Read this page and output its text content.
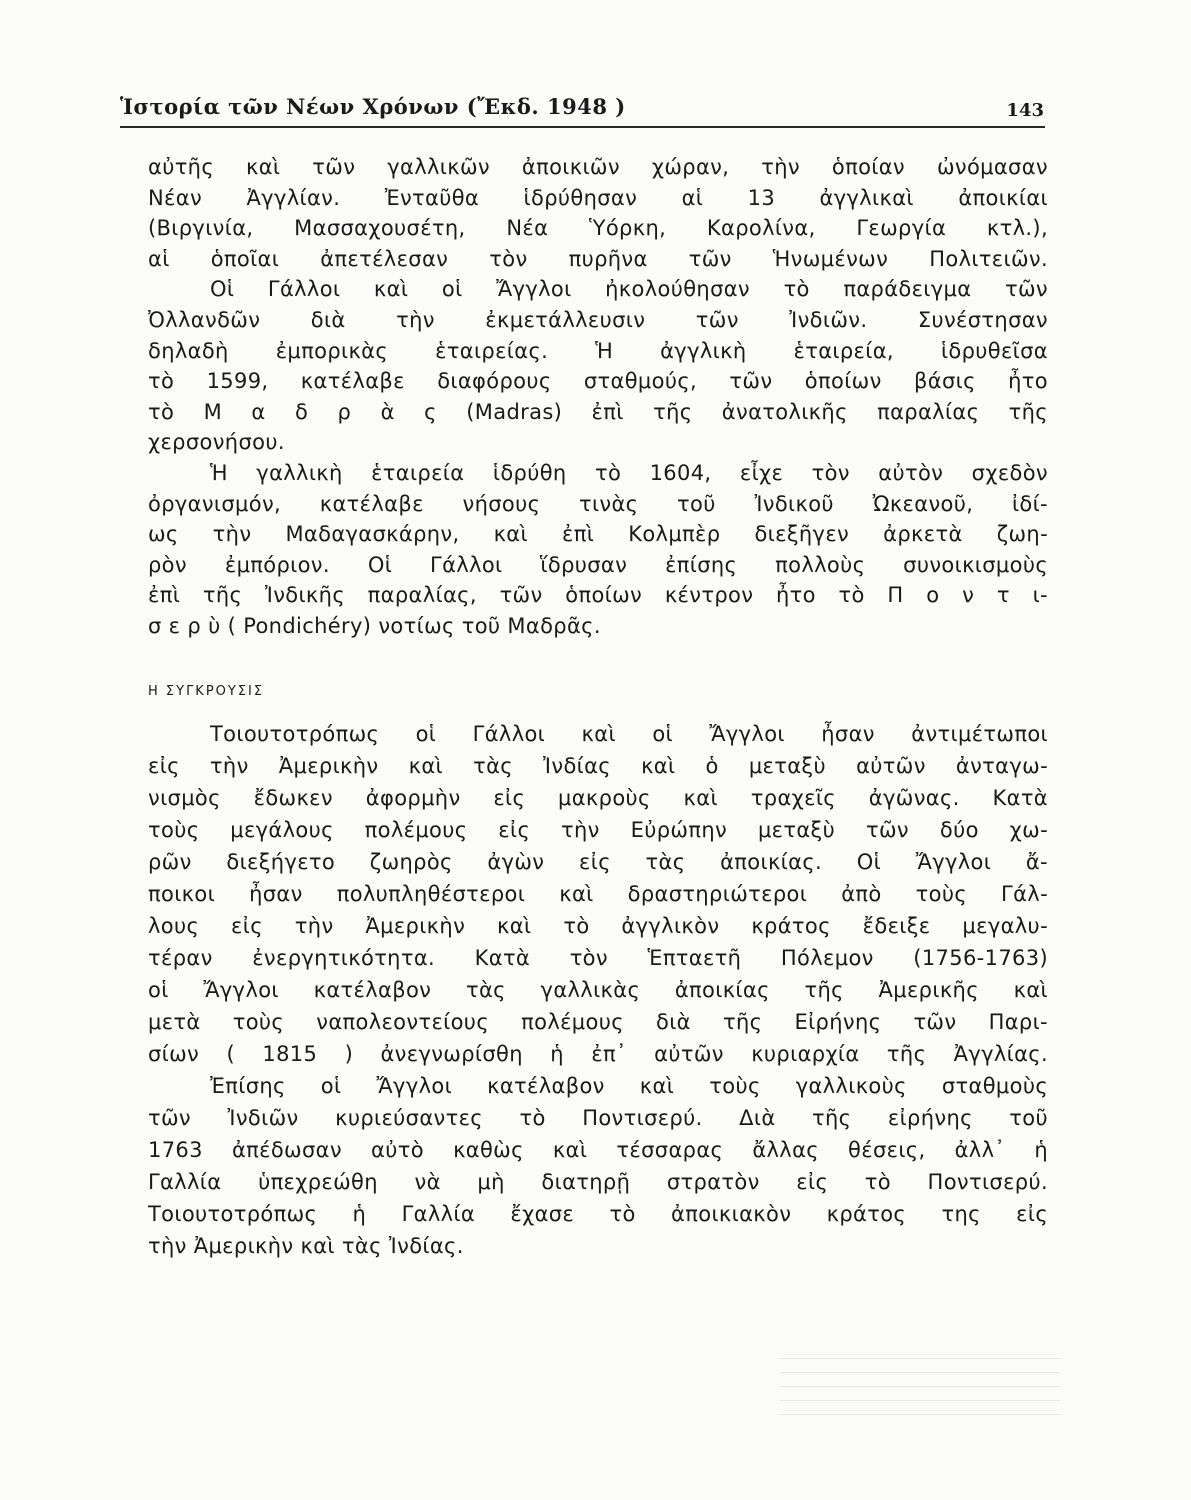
Ἱστορία τῶν Νέων Χρόνων (Ἔκδ. 1948 )	143
αὐτῆς καὶ τῶν γαλλικῶν ἀποικιῶν χώραν, τὴν ὁποίαν ὠνόμασαν
Νέαν Ἀγγλίαν. Ἐνταῦθα ἱδρύθησαν αἱ 13 ἀγγλικαὶ ἀποικίαι
(Βιργινία, Μασσαχουσέτη, Νέα Ὑόρκη, Καρολίνα, Γεωργία κτλ.),
αἱ ὁποῖαι ἀπετέλεσαν τὸν πυρῆνα τῶν Ἡνωμένων Πολιτειῶν.
Οἱ Γάλλοι καὶ οἱ Ἄγγλοι ἠκολούθησαν τὸ παράδειγμα τῶν
Ὀλλανδῶν διὰ τὴν ἐκμετάλλευσιν τῶν Ἰνδιῶν. Συνέστησαν
δηλαδὴ ἐμπορικὰς ἑταιρείας. Ἡ ἀγγλικὴ ἑταιρεία, ἱδρυθεῖσα
τὸ 1599, κατέλαβε διαφόρους σταθμούς, τῶν ὁποίων βάσις ἦτο
τὸ Μ α δ ρ ὰ ς (Madras) ἐπὶ τῆς ἀνατολικῆς παραλίας τῆς
χερσονήσου.
Ἡ γαλλικὴ ἑταιρεία ἱδρύθη τὸ 1604, εἶχε τὸν αὐτὸν σχεδὸν
ὀργανισμόν, κατέλαβε νήσους τινὰς τοῦ Ἰνδικοῦ Ὠκεανοῦ, ἰδί-
ως τὴν Μαδαγασκάρην, καὶ ἐπὶ Κολμπὲρ διεξῆγεν ἀρκετὰ ζωη-
ρὸν ἐμπόριον. Οἱ Γάλλοι ἵδρυσαν ἐπίσης πολλοὺς συνοικισμοὺς
ἐπὶ τῆς Ἰνδικῆς παραλίας, τῶν ὁποίων κέντρον ἦτο τὸ Π ο ν τ ι-
σ ε ρ ὺ ( Pondichéry) νοτίως τοῦ Μαδρᾶς.
Η ΣΥΓΚΡΟΥΣΙΣ
Τοιουτοτρόπως οἱ Γάλλοι καὶ οἱ Ἄγγλοι ἦσαν ἀντιμέτωποι
εἰς τὴν Ἀμερικὴν καὶ τὰς Ἰνδίας καὶ ὁ μεταξὺ αὐτῶν ἀνταγω-
νισμὸς ἔδωκεν ἀφορμὴν εἰς μακροὺς καὶ τραχεῖς ἀγῶνας. Κατὰ
τοὺς μεγάλους πολέμους εἰς τὴν Εὐρώπην μεταξὺ τῶν δύο χω-
ρῶν διεξήγετο ζωηρὸς ἀγὼν εἰς τὰς ἀποικίας. Οἱ Ἄγγλοι ἄ-
ποικοι ἦσαν πολυπληθέστεροι καὶ δραστηριώτεροι ἀπὸ τοὺς Γάλ-
λους εἰς τὴν Ἀμερικὴν καὶ τὸ ἀγγλικὸν κράτος ἔδειξε μεγαλυ-
τέραν ἐνεργητικότητα. Κατὰ τὸν Ἑπταετῆ Πόλεμον (1756-1763)
οἱ Ἄγγλοι κατέλαβον τὰς γαλλικὰς ἀποικίας τῆς Ἀμερικῆς καὶ
μετὰ τοὺς ναπολεοντείους πολέμους διὰ τῆς Εἰρήνης τῶν Παρι-
σίων ( 1815 ) ἀνεγνωρίσθη ἡ ἐπ᾿ αὐτῶν κυριαρχία τῆς Ἀγγλίας.
Ἐπίσης οἱ Ἄγγλοι κατέλαβον καὶ τοὺς γαλλικοὺς σταθμοὺς
τῶν Ἰνδιῶν κυριεύσαντες τὸ Ποντισερύ. Διὰ τῆς εἰρήνης τοῦ
1763 ἀπέδωσαν αὐτὸ καθὼς καὶ τέσσαρας ἄλλας θέσεις, ἀλλ᾿ ἡ
Γαλλία ὑπεχρεώθη νὰ μὴ διατηρῇ στρατὸν εἰς τὸ Ποντισερύ.
Τοιουτοτρόπως ἡ Γαλλία ἔχασε τὸ ἀποικιακὸν κράτος της εἰς
τὴν Ἀμερικὴν καὶ τὰς Ἰνδίας.
